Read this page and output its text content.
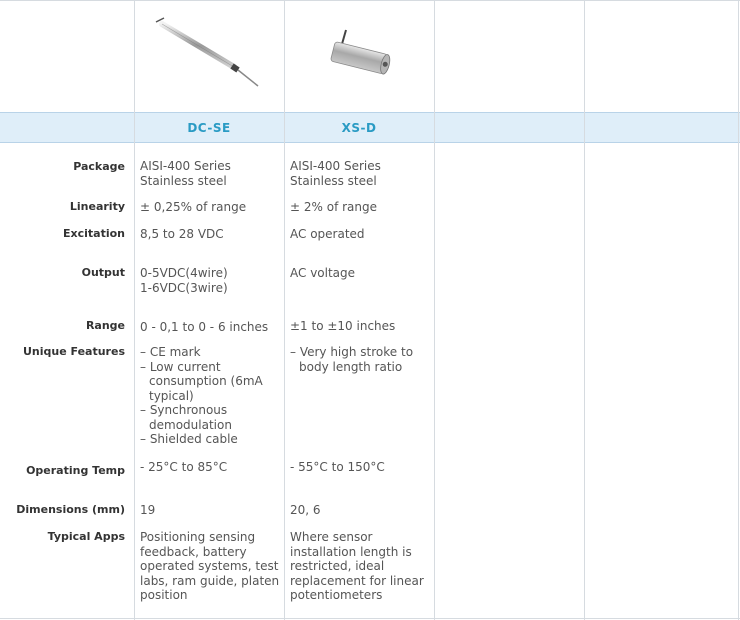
DC-SE	XS-D
Package
Linearity
Excitation
Output
Range
Unique Features
Operating Temp
Dimensions (mm)
Typical Apps
AISI-400 Series
Stainless steel
± 0,25% of range
8,5 to 28 VDC
0-5VDC(4wire)
1-6VDC(3wire)
0 - 0,1 to 0 - 6 inches
– CE mark
– Low current consumption (6mA typical)
– Synchronous demodulation
– Shielded cable
- 25°C to 85°C
19
Positioning sensing feedback, battery operated systems, test labs, ram guide, platen position
AISI-400 Series
Stainless steel
± 2% of range
AC operated
AC voltage
±1 to ±10 inches
– Very high stroke to body length ratio
- 55°C to 150°C
20, 6
Where sensor installation length is restricted, ideal replacement for linear potentiometers
